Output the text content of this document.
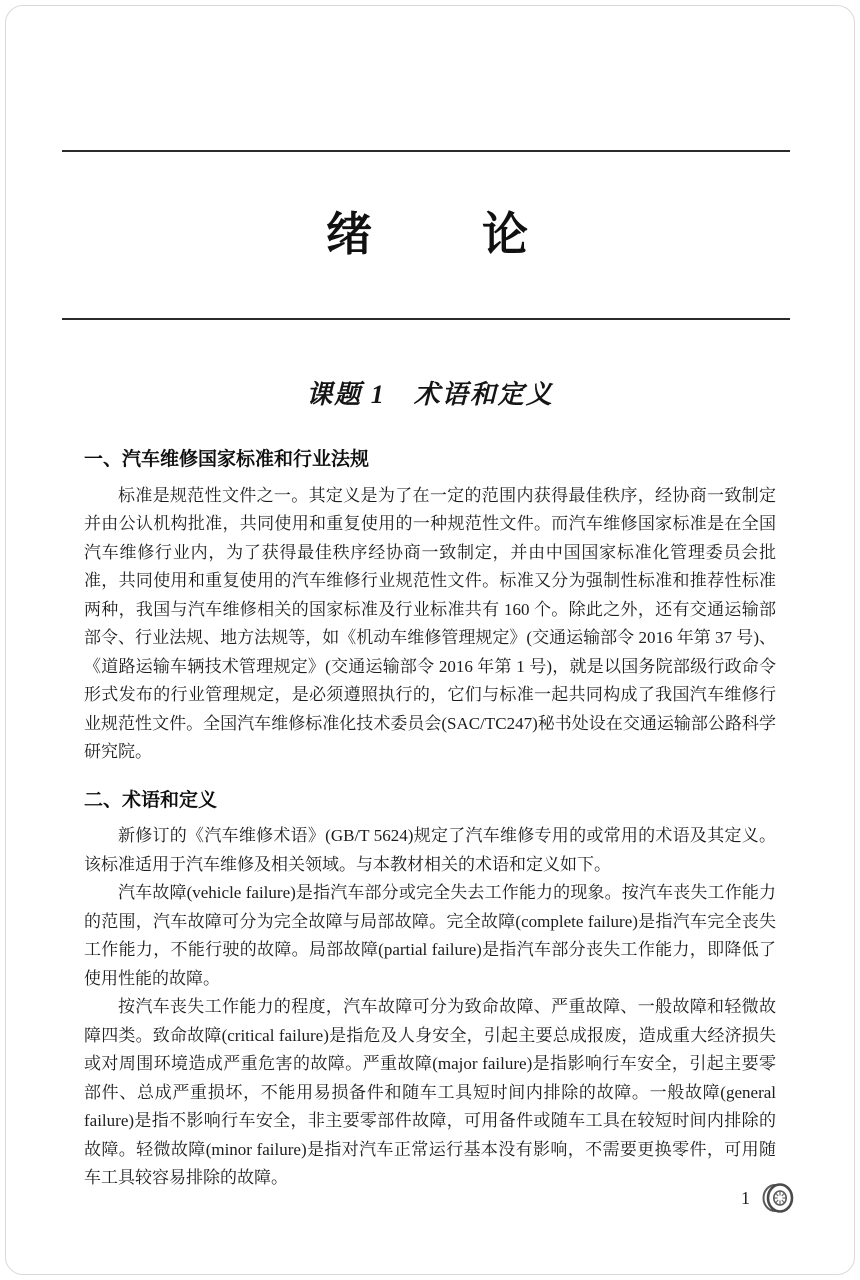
绪　　论
课题 1　术语和定义
一、汽车维修国家标准和行业法规

标准是规范性文件之一。其定义是为了在一定的范围内获得最佳秩序，经协商一致制定并由公认机构批准，共同使用和重复使用的一种规范性文件。而汽车维修国家标准是在全国汽车维修行业内，为了获得最佳秩序经协商一致制定，并由中国国家标准化管理委员会批准，共同使用和重复使用的汽车维修行业规范性文件。标准又分为强制性标准和推荐性标准两种，我国与汽车维修相关的国家标准及行业标准共有 160 个。除此之外，还有交通运输部部令、行业法规、地方法规等，如《机动车维修管理规定》(交通运输部令 2016 年第 37 号)、《道路运输车辆技术管理规定》(交通运输部令 2016 年第 1 号)，就是以国务院部级行政命令形式发布的行业管理规定，是必须遵照执行的，它们与标准一起共同构成了我国汽车维修行业规范性文件。全国汽车维修标准化技术委员会(SAC/TC247)秘书处设在交通运输部公路科学研究院。

二、术语和定义

新修订的《汽车维修术语》(GB/T 5624)规定了汽车维修专用的或常用的术语及其定义。该标准适用于汽车维修及相关领域。与本教材相关的术语和定义如下。

汽车故障(vehicle failure)是指汽车部分或完全失去工作能力的现象。按汽车丧失工作能力的范围，汽车故障可分为完全故障与局部故障。完全故障(complete failure)是指汽车完全丧失工作能力，不能行驶的故障。局部故障(partial failure)是指汽车部分丧失工作能力，即降低了使用性能的故障。

按汽车丧失工作能力的程度，汽车故障可分为致命故障、严重故障、一般故障和轻微故障四类。致命故障(critical failure)是指危及人身安全，引起主要总成报废，造成重大经济损失或对周围环境造成严重危害的故障。严重故障(major failure)是指影响行车安全，引起主要零部件、总成严重损坏，不能用易损备件和随车工具短时间内排除的故障。一般故障(general failure)是指不影响行车安全，非主要零部件故障，可用备件或随车工具在较短时间内排除的故障。轻微故障(minor failure)是指对汽车正常运行基本没有影响，不需要更换零件，可用随车工具较容易排除的故障。

1
